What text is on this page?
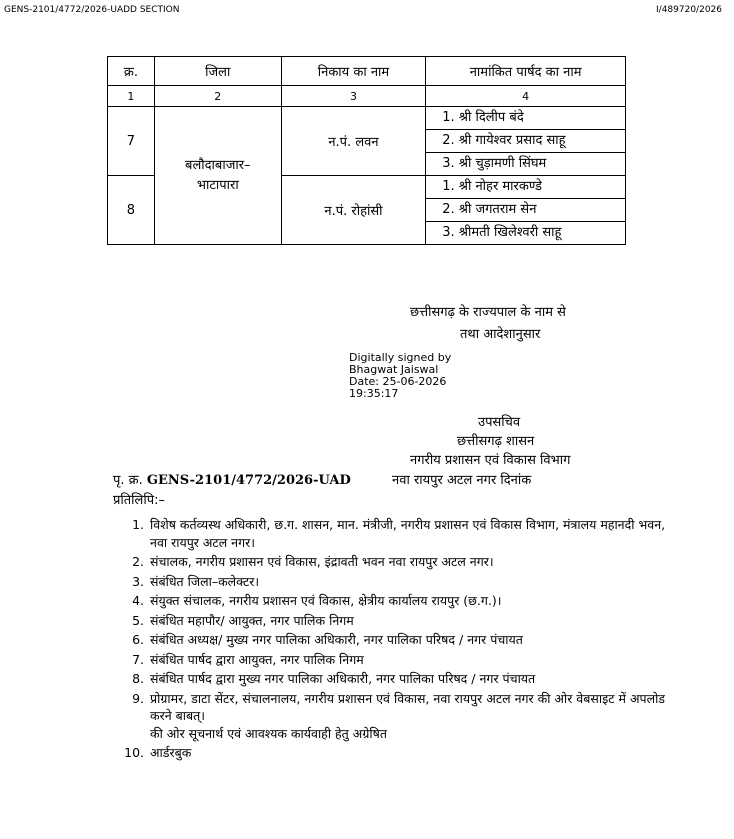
GENS-2101/4772/2026-UADD SECTION	I/489720/2026
क्र.	जिला	निकाय का नाम	नामांकित पार्षद का नाम
1	2	3	4
7	बलौदाबाजार–भाटापारा	न.पं. लवन	1. श्री दिलीप बंदे
2. श्री गायेश्वर प्रसाद साहू
3. श्री चुड़ामणी सिंघम

8		न.पं. रोहांसी	1. श्री नोहर मारकण्डे
2. श्री जगतराम सेन
3. श्रीमती खिलेश्वरी साहू
छत्तीसगढ़ के राज्यपाल के नाम से
तथा आदेशानुसार
Digitally signed by
Bhagwat Jaiswal
Date: 25-06-2026
19:35:17
उपसचिव
छत्तीसगढ़ शासन
नगरीय प्रशासन एवं विकास विभाग
पृ. क्र. GENS-2101/4772/2026-UAD	नवा रायपुर अटल नगर दिनांक
प्रतिलिपि:–
1. विशेष कर्तव्यस्थ अधिकारी, छ.ग. शासन, मान. मंत्रीजी, नगरीय प्रशासन एवं विकास विभाग, मंत्रालय महानदी भवन, नवा रायपुर अटल नगर।
2. संचालक, नगरीय प्रशासन एवं विकास, इंद्रावती भवन नवा रायपुर अटल नगर।
3. संबंधित जिला–कलेक्टर।
4. संयुक्त संचालक, नगरीय प्रशासन एवं विकास, क्षेत्रीय कार्यालय रायपुर (छ.ग.)।
5. संबंधित महापौर/ आयुक्त, नगर पालिक निगम
6. संबंधित अध्यक्ष/ मुख्य नगर पालिका अधिकारी, नगर पालिका परिषद / नगर पंचायत
7. संबंधित पार्षद द्वारा आयुक्त, नगर पालिक निगम
8. संबंधित पार्षद द्वारा मुख्य नगर पालिका अधिकारी, नगर पालिका परिषद / नगर पंचायत
9. प्रोग्रामर, डाटा सेंटर, संचालनालय, नगरीय प्रशासन एवं विकास, नवा रायपुर अटल नगर की ओर वेबसाइट में अपलोड करने बाबत्।
की ओर सूचनार्थ एवं आवश्यक कार्यवाही हेतु अग्रेषित
10. आर्डरबुक
